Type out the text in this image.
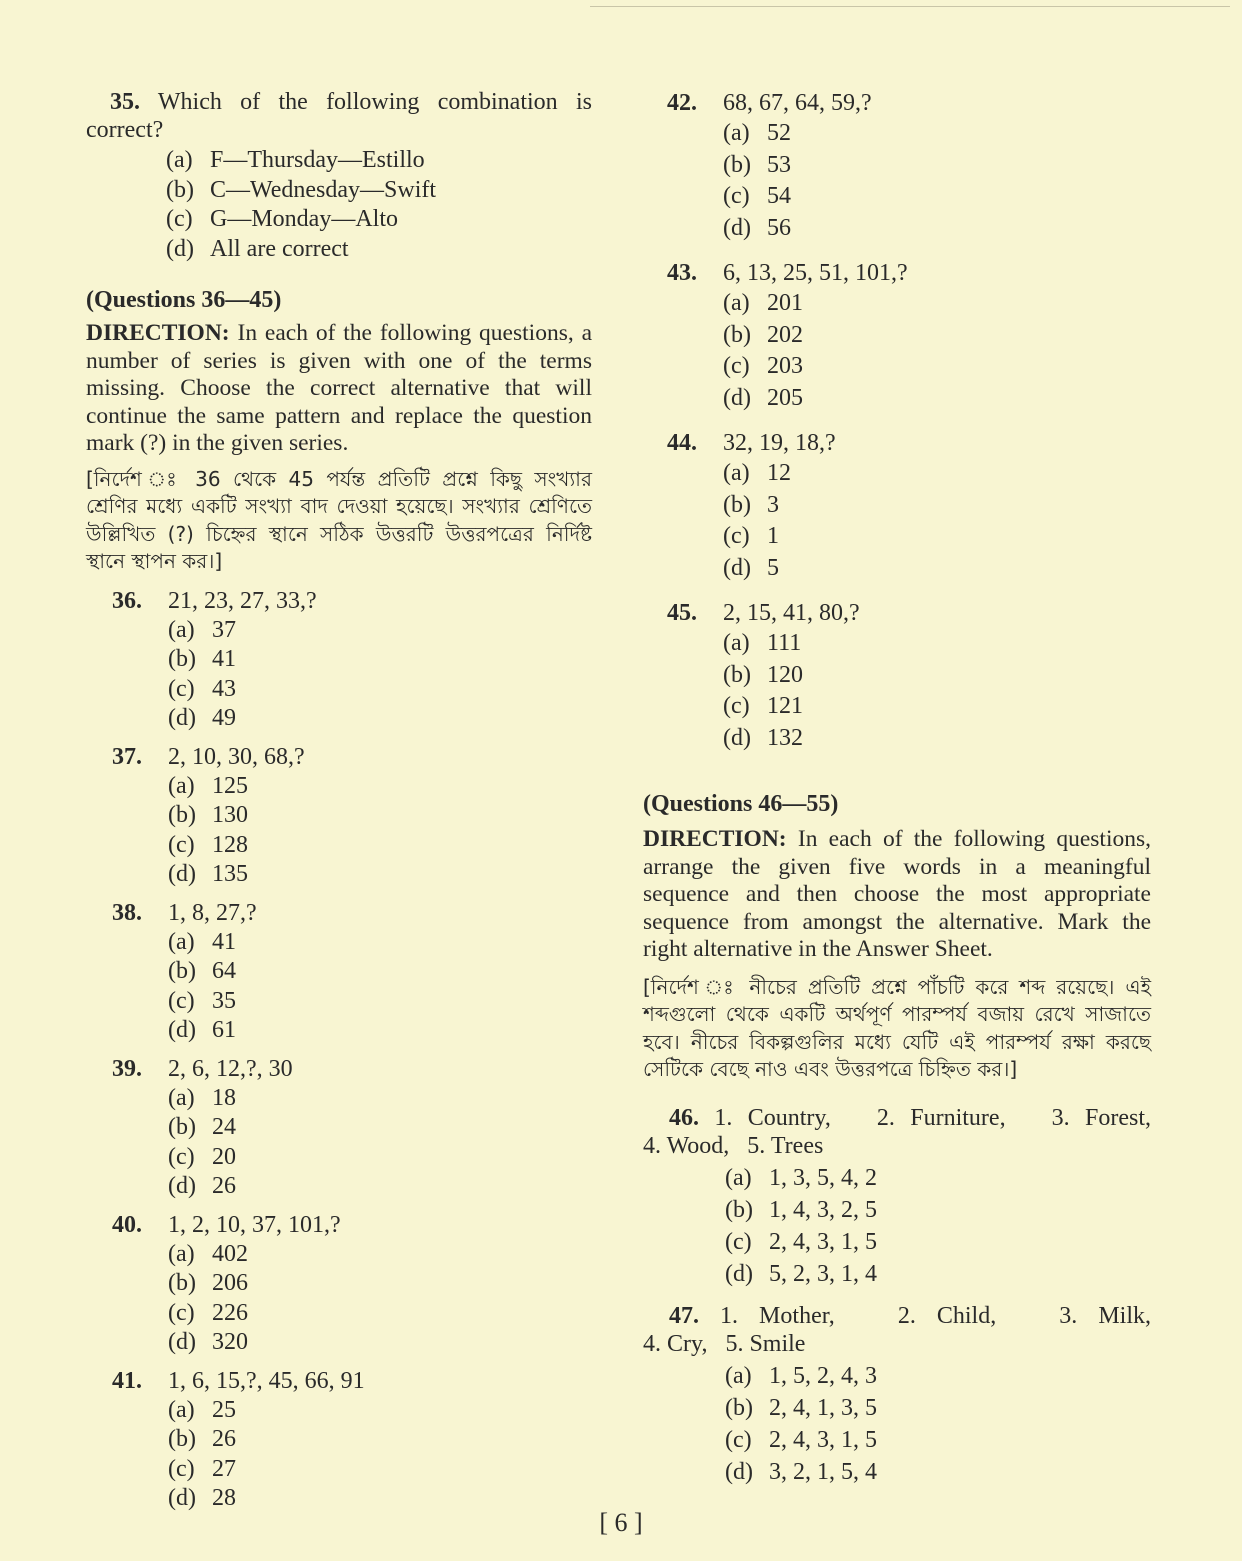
35. Which of the following combination is
correct?
(a) F—Thursday—Estillo
(b) C—Wednesday—Swift
(c) G—Monday—Alto
(d) All are correct
(Questions 36—45)

DIRECTION: In each of the following questions, a number of series is given with one of the terms missing. Choose the correct alternative that will continue the same pattern and replace the question mark (?) in the given series.

[নির্দেশ ঃ 36 থেকে 45 পর্যন্ত প্রতিটি প্রশ্নে কিছু সংখ্যার শ্রেণির মধ্যে একটি সংখ্যা বাদ দেওয়া হয়েছে। সংখ্যার শ্রেণিতে উল্লিখিত (?) চিহ্নের স্থানে সঠিক উত্তরটি উত্তরপত্রের নির্দিষ্ট স্থানে স্থাপন কর।]

36.	21, 23, 27, 33,?
(a) 37
(b) 41
(c) 43
(d) 49
37.	2, 10, 30, 68,?
(a) 125
(b) 130
(c) 128
(d) 135
38.	1, 8, 27,?
(a) 41
(b) 64
(c) 35
(d) 61
39.	2, 6, 12,?, 30
(a) 18
(b) 24
(c) 20
(d) 26
40.	1, 2, 10, 37, 101,?
(a) 402
(b) 206
(c) 226
(d) 320
41.	1, 6, 15,?, 45, 66, 91
(a) 25
(b) 26
(c) 27
(d) 28
42.	68, 67, 64, 59,?
(a) 52
(b) 53
(c) 54
(d) 56
43.	6, 13, 25, 51, 101,?
(a) 201
(b) 202
(c) 203
(d) 205
44.	32, 19, 18,?
(a) 12
(b) 3
(c) 1
(d) 5
45.	2, 15, 41, 80,?
(a) 111
(b) 120
(c) 121
(d) 132
(Questions 46—55)

DIRECTION: In each of the following questions, arrange the given five words in a meaningful sequence and then choose the most appropriate sequence from amongst the alternative. Mark the right alternative in the Answer Sheet.

[নির্দেশ ঃ নীচের প্রতিটি প্রশ্নে পাঁচটি করে শব্দ রয়েছে। এই শব্দগুলো থেকে একটি অর্থপূর্ণ পারম্পর্য বজায় রেখে সাজাতে হবে। নীচের বিকল্পগুলির মধ্যে যেটি এই পারম্পর্য রক্ষা করছে সেটিকে বেছে নাও এবং উত্তরপত্রে চিহ্নিত কর।]

46. 1. Country,   2. Furniture,   3. Forest,
4. Wood,   5. Trees
(a) 1, 3, 5, 4, 2
(b) 1, 4, 3, 2, 5
(c) 2, 4, 3, 1, 5
(d) 5, 2, 3, 1, 4
47. 1. Mother,   2. Child,   3. Milk,
4. Cry,   5. Smile
(a) 1, 5, 2, 4, 3
(b) 2, 4, 1, 3, 5
(c) 2, 4, 3, 1, 5
(d) 3, 2, 1, 5, 4
[ 6 ]
